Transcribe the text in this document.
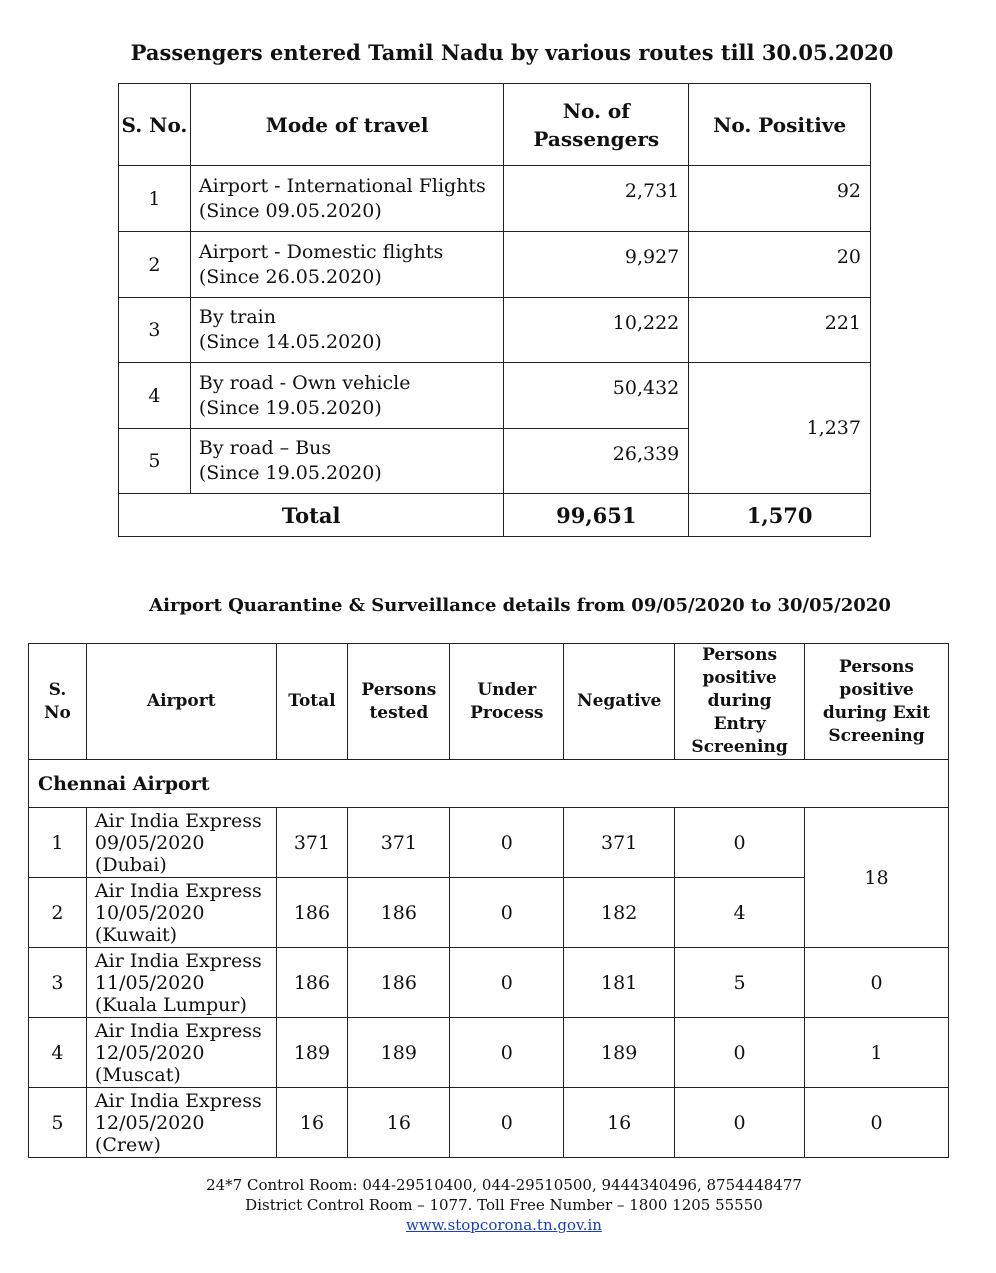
Passengers entered Tamil Nadu by various routes till 30.05.2020
S. No.	Mode of travel	No. of Passengers	No. Positive
1	Airport - International Flights
(Since 09.05.2020)	2,731	92
2	Airport - Domestic flights
(Since 26.05.2020)	9,927	20
3	By train
(Since 14.05.2020)	10,222	221
4	By road - Own vehicle
(Since 19.05.2020)	50,432	1,237
5	By road – Bus
(Since 19.05.2020)	26,339	
Total		99,651	1,570
Airport Quarantine & Surveillance details from 09/05/2020 to 30/05/2020
S. No	Airport	Total	Persons tested	Under Process	Negative	Persons positive during Entry Screening	Persons positive during Exit Screening
Chennai Airport							
1	Air India Express
09/05/2020
(Dubai)	371	371	0	371	0	18
2	Air India Express
10/05/2020
(Kuwait)	186	186	0	182	4	
3	Air India Express
11/05/2020
(Kuala Lumpur)	186	186	0	181	5	0
4	Air India Express
12/05/2020
(Muscat)	189	189	0	189	0	1
5	Air India Express
12/05/2020
(Crew)	16	16	0	16	0	0
24*7 Control Room: 044-29510400, 044-29510500, 9444340496, 8754448477
District Control Room – 1077. Toll Free Number – 1800 1205 55550
www.stopcorona.tn.gov.in
